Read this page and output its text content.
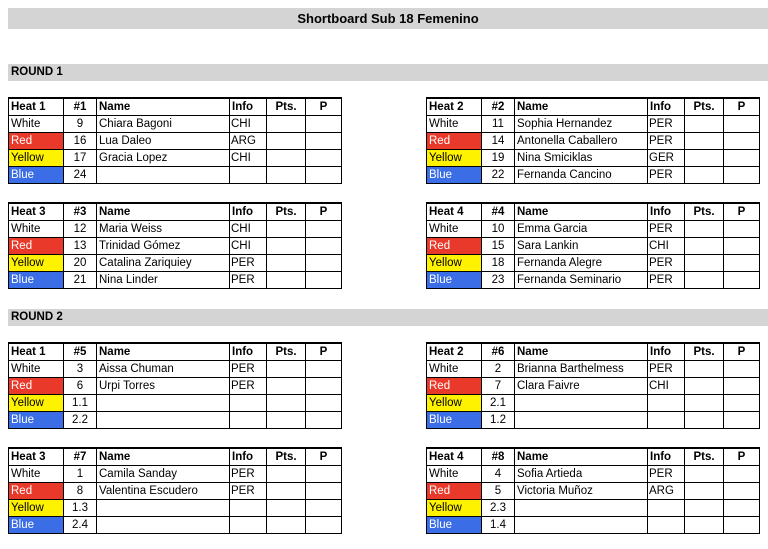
Shortboard Sub 18 Femenino
ROUND 1
ROUND 2
Heat 1	#1	Name	Info	Pts.	P
White	9	Chiara Bagoni	CHI		
Red	16	Lua Daleo	ARG		
Yellow	17	Gracia Lopez	CHI		
Blue	24				
Heat 2	#2	Name	Info	Pts.	P
White	11	Sophia Hernandez	PER		
Red	14	Antonella Caballero	PER		
Yellow	19	Nina Smiciklas	GER		
Blue	22	Fernanda Cancino	PER		
Heat 3	#3	Name	Info	Pts.	P
White	12	Maria Weiss	CHI		
Red	13	Trinidad Gómez	CHI		
Yellow	20	Catalina Zariquiey	PER		
Blue	21	Nina Linder	PER		
Heat 4	#4	Name	Info	Pts.	P
White	10	Emma Garcia	PER		
Red	15	Sara Lankin	CHI		
Yellow	18	Fernanda Alegre	PER		
Blue	23	Fernanda Seminario	PER		
Heat 1	#5	Name	Info	Pts.	P
White	3	Aissa Chuman	PER		
Red	6	Urpi Torres	PER		
Yellow	1.1				
Blue	2.2				
Heat 2	#6	Name	Info	Pts.	P
White	2	Brianna Barthelmess	PER		
Red	7	Clara Faivre	CHI		
Yellow	2.1				
Blue	1.2				
Heat 3	#7	Name	Info	Pts.	P
White	1	Camila Sanday	PER		
Red	8	Valentina Escudero	PER		
Yellow	1.3				
Blue	2.4				
Heat 4	#8	Name	Info	Pts.	P
White	4	Sofia Artieda	PER		
Red	5	Victoria Muñoz	ARG		
Yellow	2.3				
Blue	1.4				
